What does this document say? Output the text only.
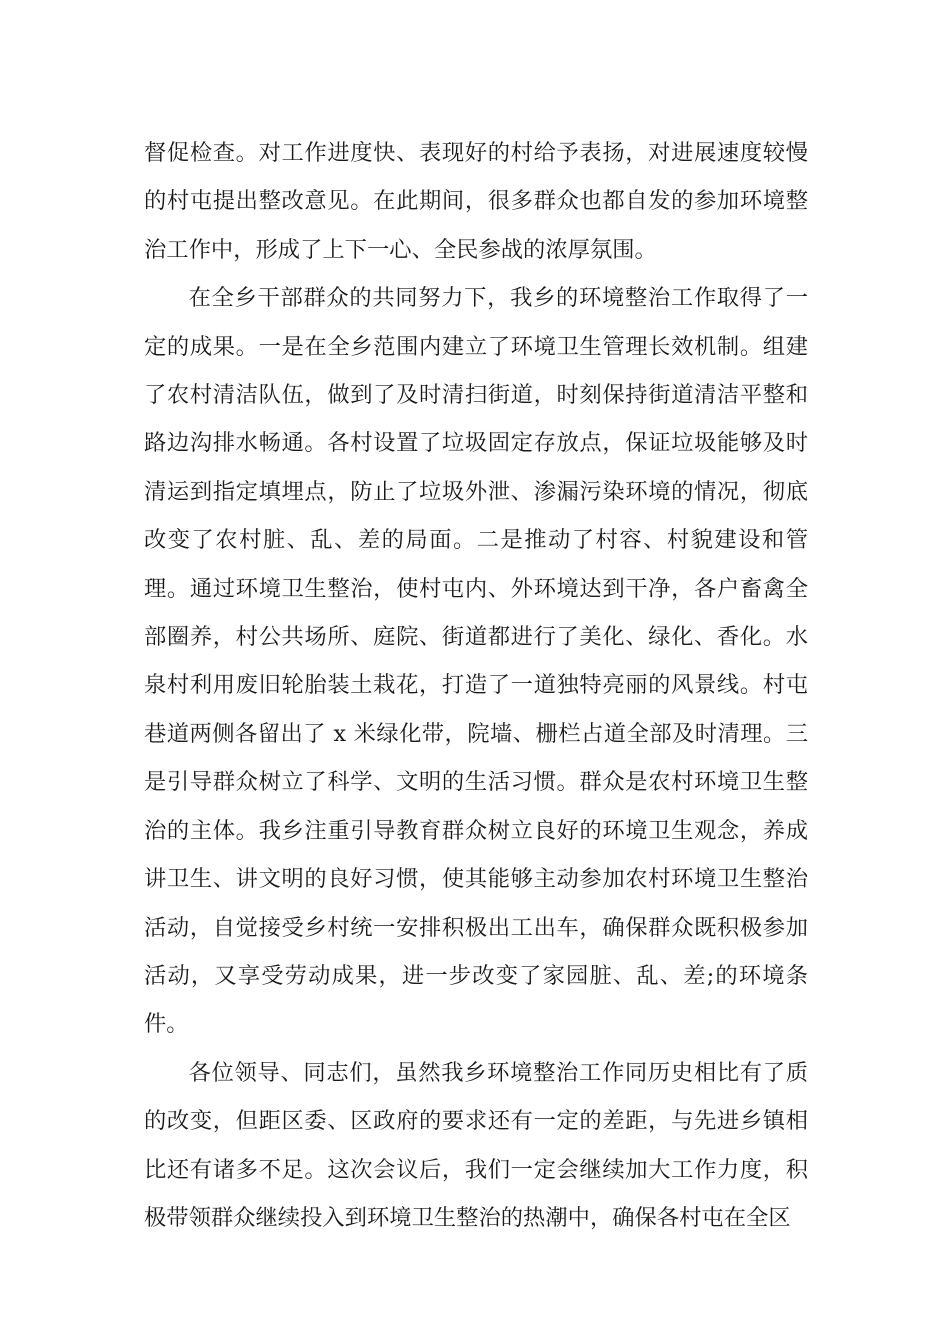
督促检查。对工作进度快、表现好的村给予表扬，对进展速度较慢的村屯提出整改意见。在此期间，很多群众也都自发的参加环境整治工作中，形成了上下一心、全民参战的浓厚氛围。

在全乡干部群众的共同努力下，我乡的环境整治工作取得了一定的成果。一是在全乡范围内建立了环境卫生管理长效机制。组建了农村清洁队伍，做到了及时清扫街道，时刻保持街道清洁平整和路边沟排水畅通。各村设置了垃圾固定存放点，保证垃圾能够及时清运到指定填埋点，防止了垃圾外泄、渗漏污染环境的情况，彻底改变了农村脏、乱、差的局面。二是推动了村容、村貌建设和管理。通过环境卫生整治，使村屯内、外环境达到干净，各户畜禽全部圈养，村公共场所、庭院、街道都进行了美化、绿化、香化。水泉村利用废旧轮胎装土栽花，打造了一道独特亮丽的风景线。村屯巷道两侧各留出了 x 米绿化带，院墙、栅栏占道全部及时清理。三是引导群众树立了科学、文明的生活习惯。群众是农村环境卫生整治的主体。我乡注重引导教育群众树立良好的环境卫生观念，养成讲卫生、讲文明的良好习惯，使其能够主动参加农村环境卫生整治活动，自觉接受乡村统一安排积极出工出车，确保群众既积极参加活动，又享受劳动成果，进一步改变了家园脏、乱、差;的环境条件。

各位领导、同志们，虽然我乡环境整治工作同历史相比有了质的改变，但距区委、区政府的要求还有一定的差距，与先进乡镇相比还有诸多不足。这次会议后，我们一定会继续加大工作力度，积极带领群众继续投入到环境卫生整治的热潮中，确保各村屯在全区
